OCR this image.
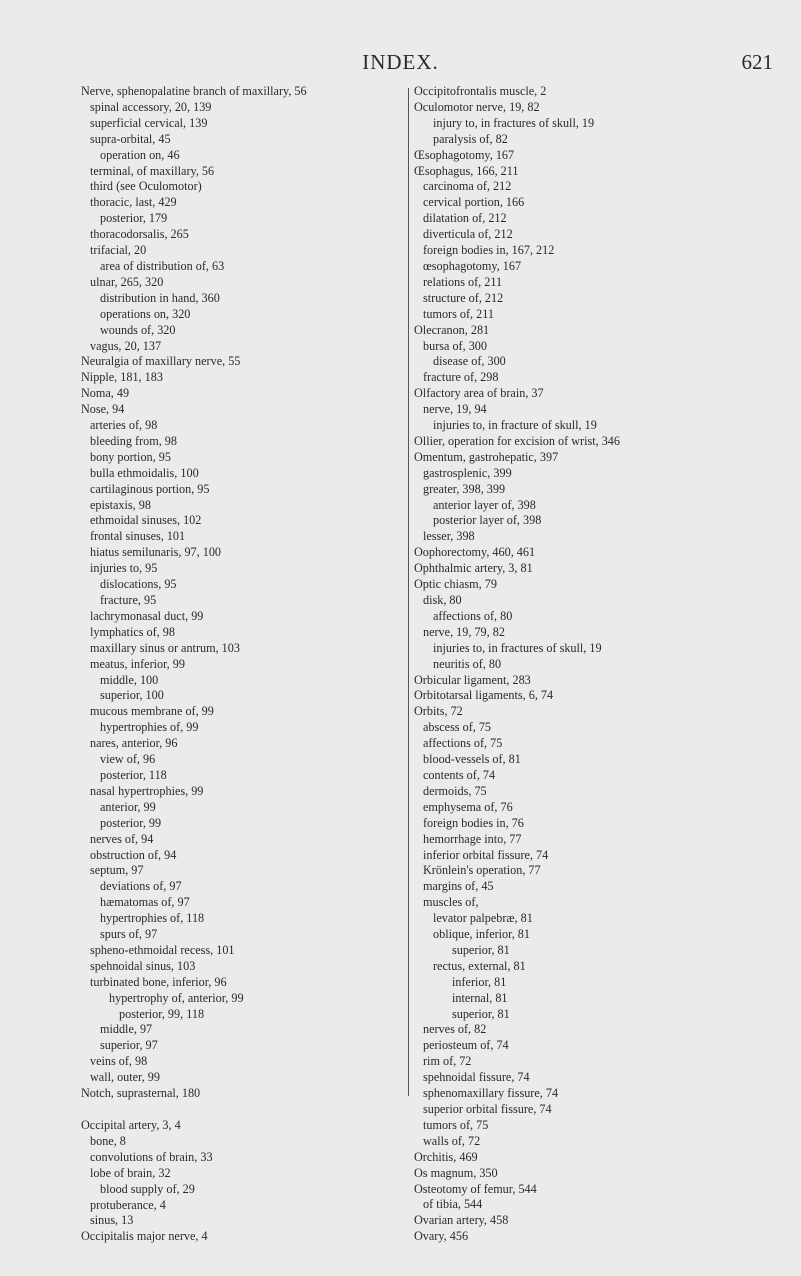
INDEX.	621
Nerve, sphenopalatine branch of maxillary, 56
spinal accessory, 20, 139
superficial cervical, 139
supra-orbital, 45
operation on, 46
terminal, of maxillary, 56
third (see Oculomotor)
thoracic, last, 429
posterior, 179
thoracodorsalis, 265
trifacial, 20
area of distribution of, 63
ulnar, 265, 320
distribution in hand, 360
operations on, 320
wounds of, 320
vagus, 20, 137
Neuralgia of maxillary nerve, 55
Nipple, 181, 183
Noma, 49
Nose, 94
arteries of, 98
bleeding from, 98
bony portion, 95
bulla ethmoidalis, 100
cartilaginous portion, 95
epistaxis, 98
ethmoidal sinuses, 102
frontal sinuses, 101
hiatus semilunaris, 97, 100
injuries to, 95
dislocations, 95
fracture, 95
lachrymonasal duct, 99
lymphatics of, 98
maxillary sinus or antrum, 103
meatus, inferior, 99
middle, 100
superior, 100
mucous membrane of, 99
hypertrophies of, 99
nares, anterior, 96
view of, 96
posterior, 118
nasal hypertrophies, 99
anterior, 99
posterior, 99
nerves of, 94
obstruction of, 94
septum, 97
deviations of, 97
hæmatomas of, 97
hypertrophies of, 118
spurs of, 97
spheno-ethmoidal recess, 101
spehnoidal sinus, 103
turbinated bone, inferior, 96
hypertrophy of, anterior, 99
posterior, 99, 118
middle, 97
superior, 97
veins of, 98
wall, outer, 99
Notch, suprasternal, 180
Occipital artery, 3, 4
bone, 8
convolutions of brain, 33
lobe of brain, 32
blood supply of, 29
protuberance, 4
sinus, 13
Occipitalis major nerve, 4
Occipitofrontalis muscle, 2
Oculomotor nerve, 19, 82
injury to, in fractures of skull, 19
paralysis of, 82
Œsophagotomy, 167
Œsophagus, 166, 211
carcinoma of, 212
cervical portion, 166
dilatation of, 212
diverticula of, 212
foreign bodies in, 167, 212
œsophagotomy, 167
relations of, 211
structure of, 212
tumors of, 211
Olecranon, 281
bursa of, 300
disease of, 300
fracture of, 298
Olfactory area of brain, 37
nerve, 19, 94
injuries to, in fracture of skull, 19
Ollier, operation for excision of wrist, 346
Omentum, gastrohepatic, 397
gastrosplenic, 399
greater, 398, 399
anterior layer of, 398
posterior layer of, 398
lesser, 398
Oophorectomy, 460, 461
Ophthalmic artery, 3, 81
Optic chiasm, 79
disk, 80
affections of, 80
nerve, 19, 79, 82
injuries to, in fractures of skull, 19
neuritis of, 80
Orbicular ligament, 283
Orbitotarsal ligaments, 6, 74
Orbits, 72
abscess of, 75
affections of, 75
blood-vessels of, 81
contents of, 74
dermoids, 75
emphysema of, 76
foreign bodies in, 76
hemorrhage into, 77
inferior orbital fissure, 74
Krönlein's operation, 77
margins of, 45
muscles of,
levator palpebræ, 81
oblique, inferior, 81
superior, 81
rectus, external, 81
inferior, 81
internal, 81
superior, 81
nerves of, 82
periosteum of, 74
rim of, 72
spehnoidal fissure, 74
sphenomaxillary fissure, 74
superior orbital fissure, 74
tumors of, 75
walls of, 72
Orchitis, 469
Os magnum, 350
Osteotomy of femur, 544
of tibia, 544
Ovarian artery, 458
Ovary, 456
